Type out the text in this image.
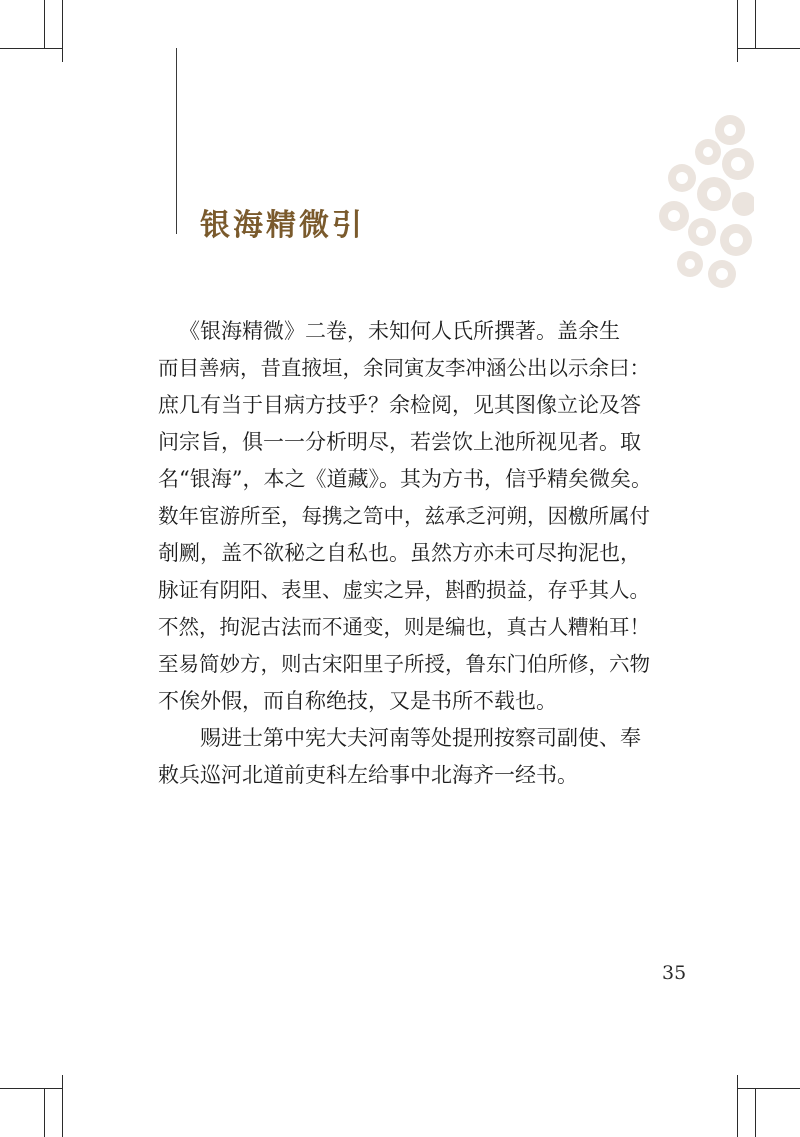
银海精微引
《银海精微》二卷，未知何人氏所撰著。盖余生
而目善病，昔直掖垣，余同寅友李冲涵公出以示余曰：
庶几有当于目病方技乎？余检阅，见其图像立论及答
问宗旨，俱一一分析明尽，若尝饮上池所视见者。取
名“银海”，本之《道藏》。其为方书，信乎精矣微矣。
数年宦游所至，每携之笥中，兹承乏河朔，因檄所属付
剞劂，盖不欲秘之自私也。虽然方亦未可尽拘泥也，
脉证有阴阳、表里、虚实之异，斟酌损益，存乎其人。
不然，拘泥古法而不通变，则是编也，真古人糟粕耳！
至易简妙方，则古宋阳里子所授，鲁东门伯所修，六物
不俟外假，而自称绝技，又是书所不载也。
赐进士第中宪大夫河南等处提刑按察司副使、奉
敕兵巡河北道前吏科左给事中北海齐一经书。
35
